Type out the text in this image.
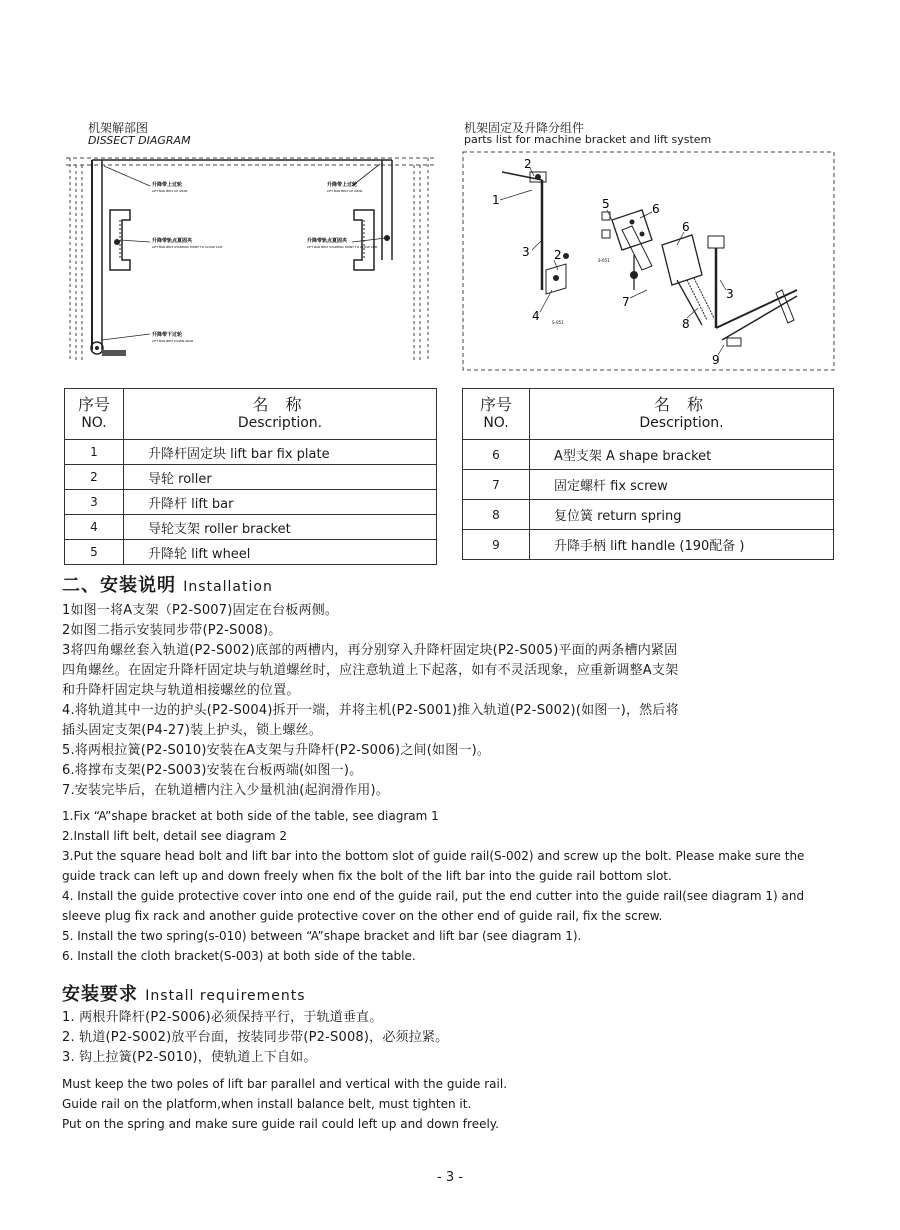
机架解部图
DISSECT DIAGRAM
升降带上过轮
LIFT BAR BELT UP GEAR
升降带上过轮
LIFT BAR BELT UP GEAR
升降带轨点夏固夹
LIFT BAR BELT STARTING POINT TO CLOSE CLIP
升降带轨点夏固夹
LIFT BAR BELT STARTING POINT TO CLOSE CLIP
升降带下过轮
LIFT BAR BELT DOWN GEAR
机架固定及升降分组件
parts list for machine bracket and lift system
1
2
3 2
4
5	6
6
7
8
3
9
S-051
S-051
序号
NO.	名 称
Description.

1	升降杆固定块 lift bar fix plate
2	导轮 roller
3	升降杆 lift bar
4	导轮支架 roller bracket
5	升降轮 lift wheel
序号
NO.	名 称
Description.

6	A型支架 A shape bracket
7	固定螺杆 fix screw
8	复位簧 return spring
9	升降手柄 lift handle (190配备 )
二、安装说明 Installation
1如图一将A支架（P2-S007)固定在台板两侧。
2如图二指示安装同步带(P2-S008)。
3将四角螺丝套入轨道(P2-S002)底部的两槽内，再分别穿入升降杆固定块(P2-S005)平面的两条槽内紧固
四角螺丝。在固定升降杆固定块与轨道螺丝时，应注意轨道上下起落，如有不灵活现象，应重新调整A支架
和升降杆固定块与轨道相接螺丝的位置。
4.将轨道其中一边的护头(P2-S004)拆开一端，并将主机(P2-S001)推入轨道(P2-S002)(如图一)，然后将
插头固定支架(P4-27)装上护头，锁上螺丝。
5.将两根拉簧(P2-S010)安装在A支架与升降杆(P2-S006)之间(如图一)。
6.将撑布支架(P2-S003)安装在台板两端(如图一)。
7.安装完毕后，在轨道槽内注入少量机油(起润滑作用)。
1.Fix “A”shape bracket at both side of the table, see diagram 1
2.Install lift belt, detail see diagram 2
3.Put the square head bolt and lift bar into the bottom slot of guide rail(S-002) and screw up the bolt. Please make sure the
guide track can left up and down freely when fix the bolt of the lift bar into the guide rail bottom slot.
4. Install the guide protective cover into one end of the guide rail, put the end cutter into the guide rail(see diagram 1) and
sleeve plug fix rack and another guide protective cover on the other end of guide rail, fix the screw.
5. Install the two spring(s-010) between “A”shape bracket and lift bar (see diagram 1).
6. Install the cloth bracket(S-003) at both side of the table.
安装要求 Install requirements
1. 两根升降杆(P2-S006)必须保持平行，于轨道垂直。
2. 轨道(P2-S002)放平台面，按装同步带(P2-S008)，必须拉紧。
3. 钩上拉簧(P2-S010)，使轨道上下自如。
Must keep the two poles of lift bar parallel and vertical with the guide rail.
Guide rail on the platform,when install balance belt, must tighten it.
Put on the spring and make sure guide rail could left up and down freely.
- 3 -
